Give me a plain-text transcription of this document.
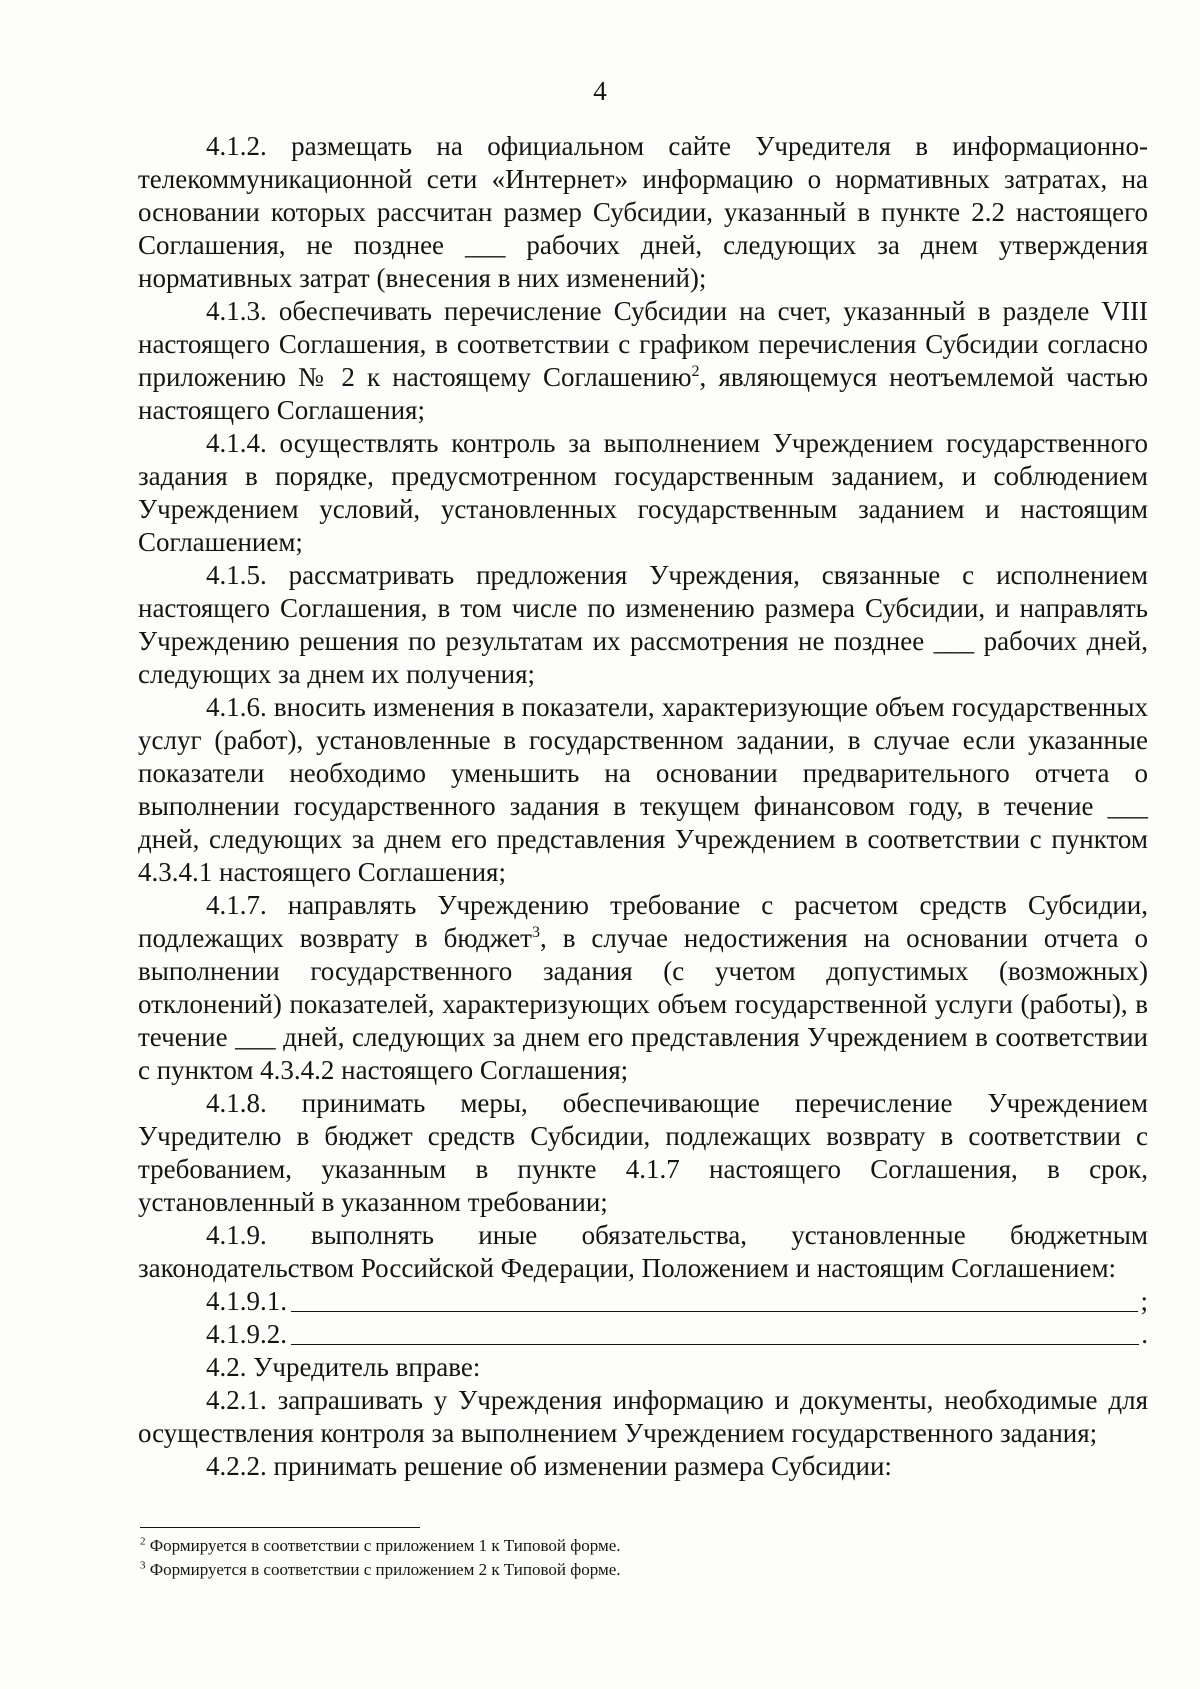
4

4.1.2. размещать на официальном сайте Учредителя в информационно-телекоммуникационной сети «Интернет» информацию о нормативных затратах, на основании которых рассчитан размер Субсидии, указанный в пункте 2.2 настоящего Соглашения, не позднее ___ рабочих дней, следующих за днем утверждения нормативных затрат (внесения в них изменений);

4.1.3. обеспечивать перечисление Субсидии на счет, указанный в разделе VIII настоящего Соглашения, в соответствии с графиком перечисления Субсидии согласно приложению № 2 к настоящему Соглашению$^2$, являющемуся неотъемлемой частью настоящего Соглашения;

4.1.4. осуществлять контроль за выполнением Учреждением государственного задания в порядке, предусмотренном государственным заданием, и соблюдением Учреждением условий, установленных государственным заданием и настоящим Соглашением;

4.1.5. рассматривать предложения Учреждения, связанные с исполнением настоящего Соглашения, в том числе по изменению размера Субсидии, и направлять Учреждению решения по результатам их рассмотрения не позднее ___ рабочих дней, следующих за днем их получения;

4.1.6. вносить изменения в показатели, характеризующие объем государственных услуг (работ), установленные в государственном задании, в случае если указанные показатели необходимо уменьшить на основании предварительного отчета о выполнении государственного задания в текущем финансовом году, в течение ___ дней, следующих за днем его представления Учреждением в соответствии с пунктом 4.3.4.1 настоящего Соглашения;

4.1.7. направлять Учреждению требование с расчетом средств Субсидии, подлежащих возврату в бюджет$^3$, в случае недостижения на основании отчета о выполнении государственного задания (с учетом допустимых (возможных) отклонений) показателей, характеризующих объем государственной услуги (работы), в течение ___ дней, следующих за днем его представления Учреждением в соответствии с пунктом 4.3.4.2 настоящего Соглашения;

4.1.8. принимать меры, обеспечивающие перечисление Учреждением Учредителю в бюджет средств Субсидии, подлежащих возврату в соответствии с требованием, указанным в пункте 4.1.7 настоящего Соглашения, в срок, установленный в указанном требовании;

4.1.9. выполнять иные обязательства, установленные бюджетным законодательством Российской Федерации, Положением и настоящим Соглашением:

4.1.9.1.	;
4.1.9.2.	.

4.2. Учредитель вправе:

4.2.1. запрашивать у Учреждения информацию и документы, необходимые для осуществления контроля за выполнением Учреждением государственного задания;

4.2.2. принимать решение об изменении размера Субсидии:

$^2$ Формируется в соответствии с приложением 1 к Типовой форме.

$^3$ Формируется в соответствии с приложением 2 к Типовой форме.
